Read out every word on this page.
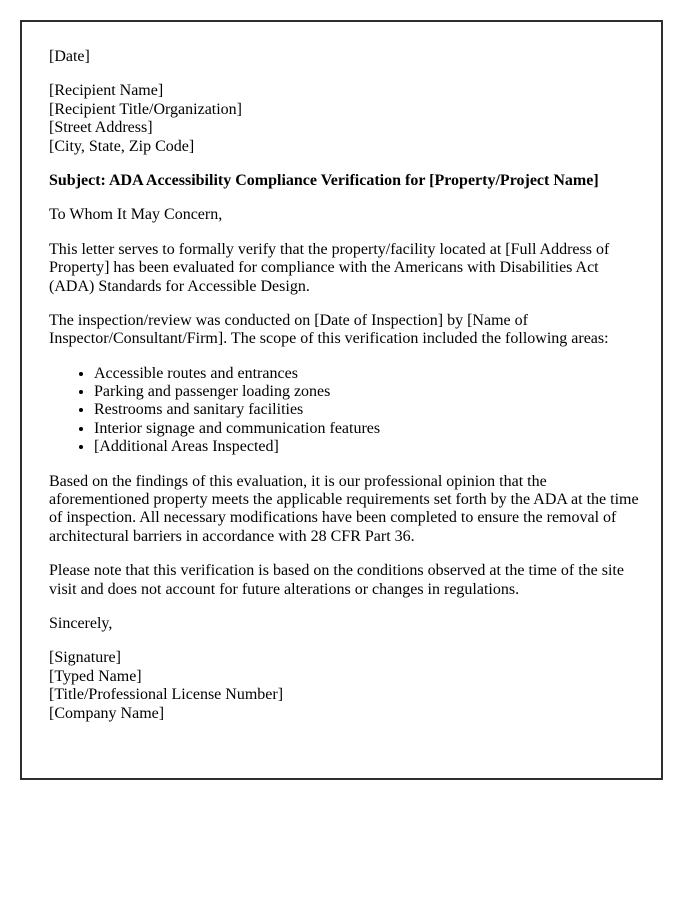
[Date]

[Recipient Name]
[Recipient Title/Organization]
[Street Address]
[City, State, Zip Code]

Subject: ADA Accessibility Compliance Verification for [Property/Project Name]

To Whom It May Concern,

This letter serves to formally verify that the property/facility located at [Full Address of Property] has been evaluated for compliance with the Americans with Disabilities Act (ADA) Standards for Accessible Design.

The inspection/review was conducted on [Date of Inspection] by [Name of Inspector/Consultant/Firm]. The scope of this verification included the following areas:

• Accessible routes and entrances
• Parking and passenger loading zones
• Restrooms and sanitary facilities
• Interior signage and communication features
• [Additional Areas Inspected]

Based on the findings of this evaluation, it is our professional opinion that the aforementioned property meets the applicable requirements set forth by the ADA at the time of inspection. All necessary modifications have been completed to ensure the removal of architectural barriers in accordance with 28 CFR Part 36.

Please note that this verification is based on the conditions observed at the time of the site visit and does not account for future alterations or changes in regulations.

Sincerely,

[Signature]
[Typed Name]
[Title/Professional License Number]
[Company Name]
